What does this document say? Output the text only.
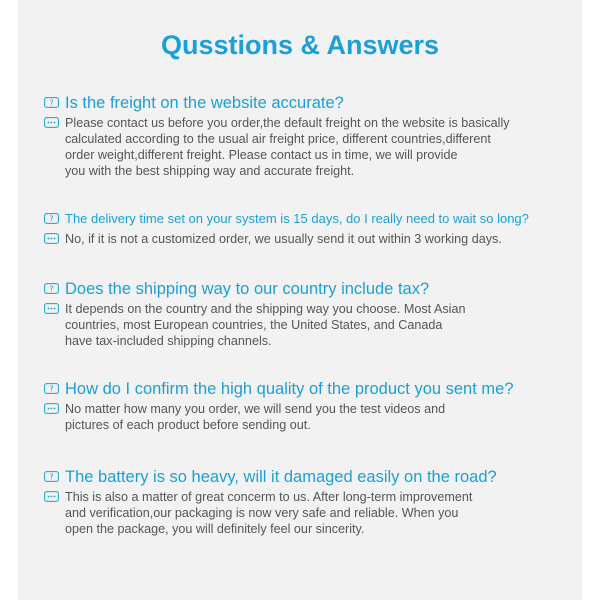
Qusstions & Answers
? Is the freight on the website accurate?
Please contact us before you order,the default freight on the website is basically
calculated according to the usual air freight price, different countries,different
order weight,different freight. Please contact us in time, we will provide
you with the best shipping way and accurate freight.
? The delivery time set on your system is 15 days, do I really need to wait so long?
No, if it is not a customized order, we usually send it out within 3 working days.
? Does the shipping way to our country include tax?
It depends on the country and the shipping way you choose. Most Asian
countries, most European countries, the United States, and Canada
have tax-included shipping channels.
? How do I confirm the high quality of the product you sent me?
No matter how many you order, we will send you the test videos and
pictures of each product before sending out.
? The battery is so heavy, will it damaged easily on the road?
This is also a matter of great concerm to us. After long-term improvement
and verification,our packaging is now very safe and reliable. When you
open the package, you will definitely feel our sincerity.
